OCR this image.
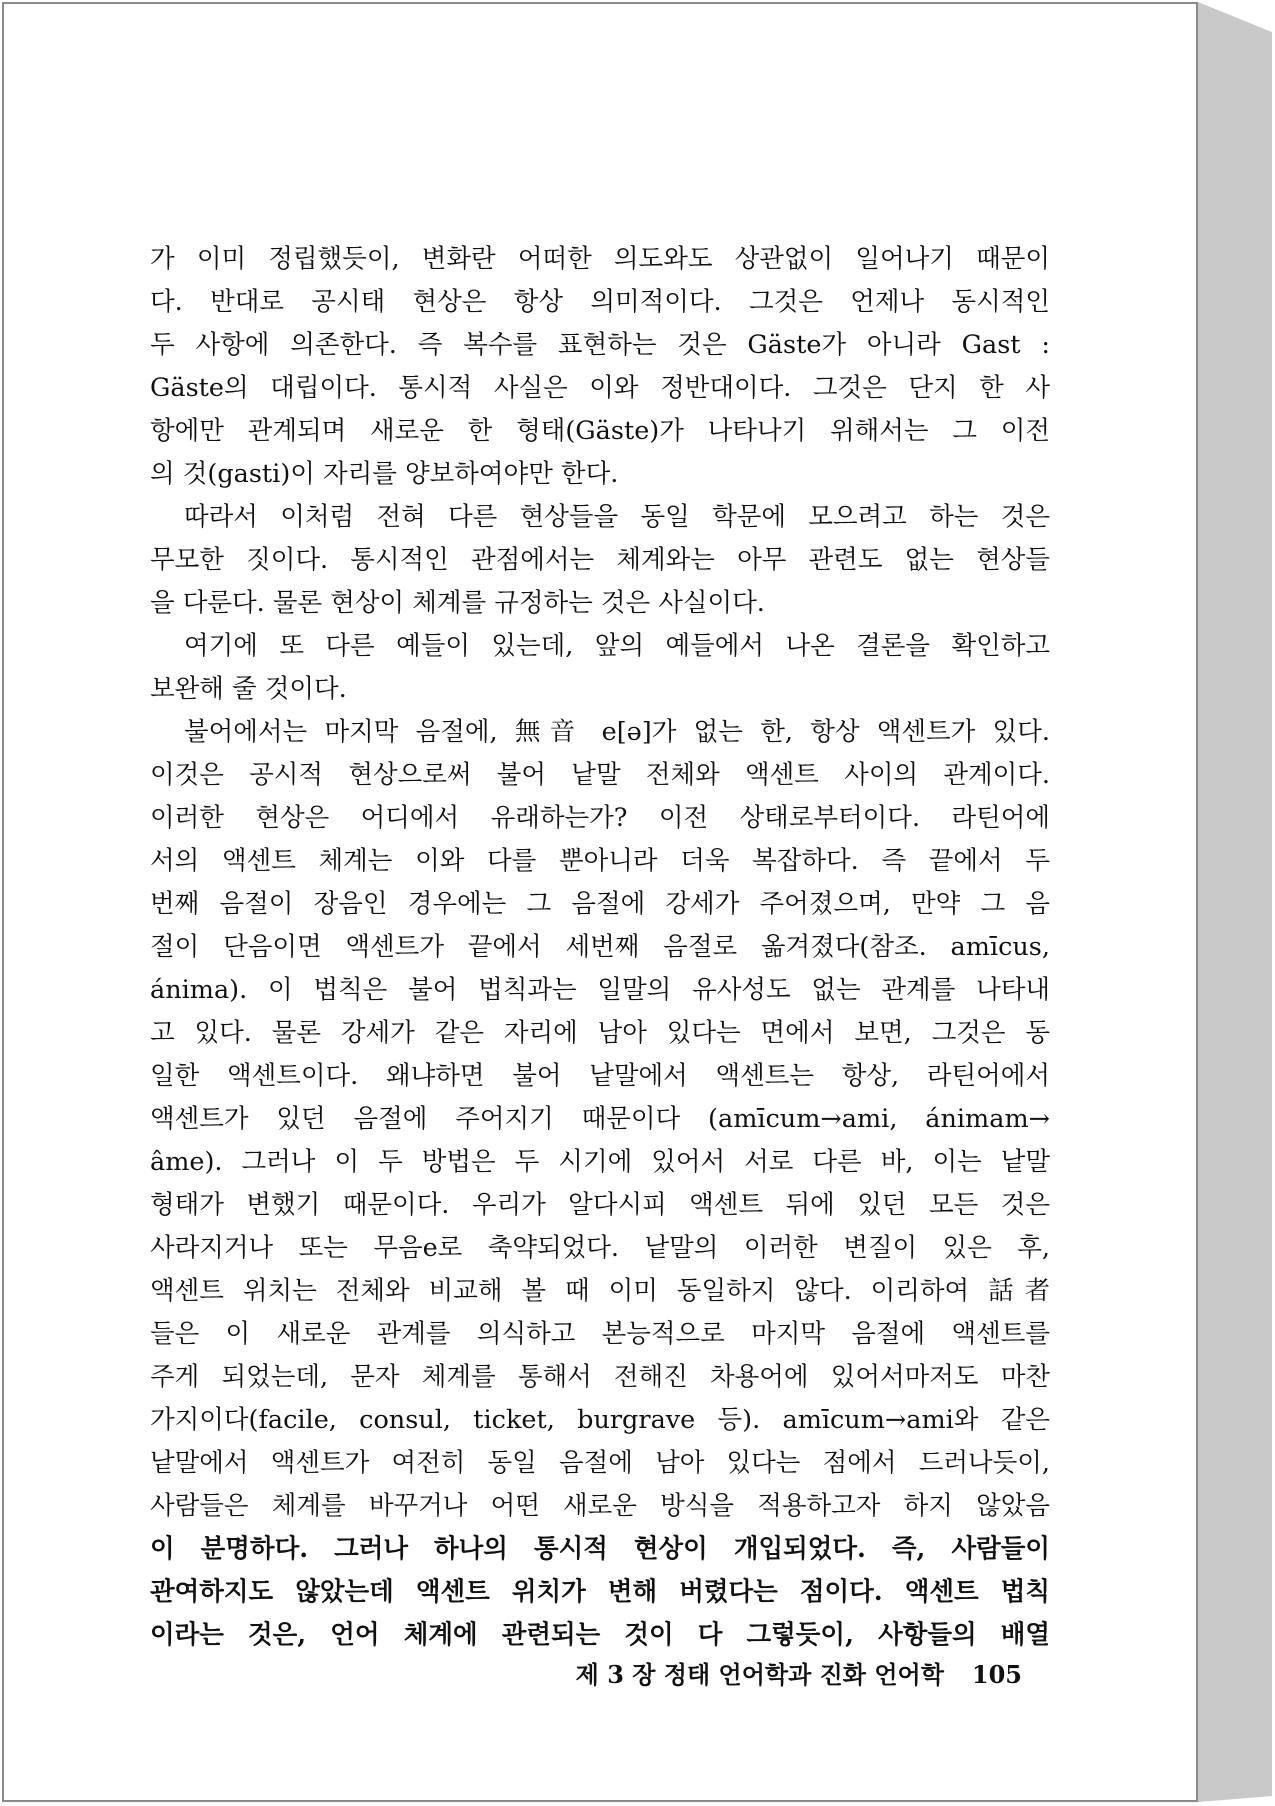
가 이미 정립했듯이, 변화란 어떠한 의도와도 상관없이 일어나기 때문이
다. 반대로 공시태 현상은 항상 의미적이다. 그것은 언제나 동시적인
두 사항에 의존한다. 즉 복수를 표현하는 것은 Gäste가 아니라 Gast :
Gäste의 대립이다. 통시적 사실은 이와 정반대이다. 그것은 단지 한 사
항에만 관계되며 새로운 한 형태(Gäste)가 나타나기 위해서는 그 이전
의 것(gasti)이 자리를 양보하여야만 한다.
따라서 이처럼 전혀 다른 현상들을 동일 학문에 모으려고 하는 것은
무모한 짓이다. 통시적인 관점에서는 체계와는 아무 관련도 없는 현상들
을 다룬다. 물론 현상이 체계를 규정하는 것은 사실이다.
여기에 또 다른 예들이 있는데, 앞의 예들에서 나온 결론을 확인하고
보완해 줄 것이다.
불어에서는 마지막 음절에, 無音 e[ə]가 없는 한, 항상 액센트가 있다.
이것은 공시적 현상으로써 불어 낱말 전체와 액센트 사이의 관계이다.
이러한 현상은 어디에서 유래하는가? 이전 상태로부터이다. 라틴어에
서의 액센트 체계는 이와 다를 뿐아니라 더욱 복잡하다. 즉 끝에서 두
번째 음절이 장음인 경우에는 그 음절에 강세가 주어졌으며, 만약 그 음
절이 단음이면 액센트가 끝에서 세번째 음절로 옮겨졌다(참조. amīcus,
ánima). 이 법칙은 불어 법칙과는 일말의 유사성도 없는 관계를 나타내
고 있다. 물론 강세가 같은 자리에 남아 있다는 면에서 보면, 그것은 동
일한 액센트이다. 왜냐하면 불어 낱말에서 액센트는 항상, 라틴어에서
액센트가 있던 음절에 주어지기 때문이다 (amīcum→ami, ánimam→
âme). 그러나 이 두 방법은 두 시기에 있어서 서로 다른 바, 이는 낱말
형태가 변했기 때문이다. 우리가 알다시피 액센트 뒤에 있던 모든 것은
사라지거나 또는 무음e로 축약되었다. 낱말의 이러한 변질이 있은 후,
액센트 위치는 전체와 비교해 볼 때 이미 동일하지 않다. 이리하여 話者
들은 이 새로운 관계를 의식하고 본능적으로 마지막 음절에 액센트를
주게 되었는데, 문자 체계를 통해서 전해진 차용어에 있어서마저도 마찬
가지이다(facile, consul, ticket, burgrave 등). amīcum→ami와 같은
낱말에서 액센트가 여전히 동일 음절에 남아 있다는 점에서 드러나듯이,
사람들은 체계를 바꾸거나 어떤 새로운 방식을 적용하고자 하지 않았음
이 분명하다. 그러나 하나의 통시적 현상이 개입되었다. 즉, 사람들이
관여하지도 않았는데 액센트 위치가 변해 버렸다는 점이다. 액센트 법칙
이라는 것은, 언어 체계에 관련되는 것이 다 그렇듯이, 사항들의 배열
제 3 장 정태 언어학과 진화 언어학 105
